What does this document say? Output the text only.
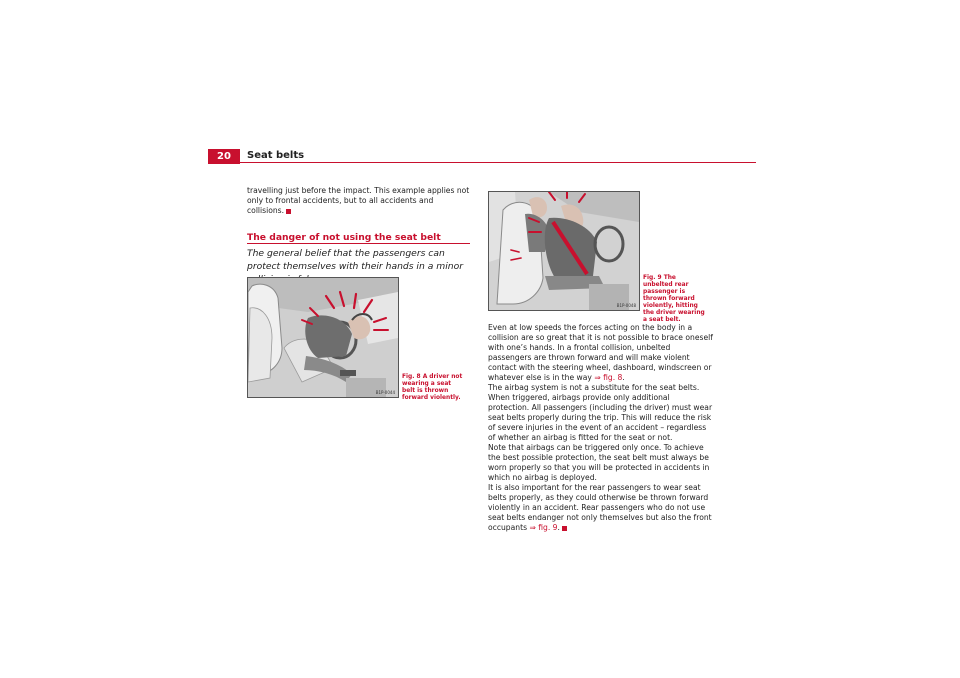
20	Seat belts
travelling just before the impact. This example applies not only to frontal accidents, but to all accidents and collisions.
The danger of not using the seat belt
The general belief that the passengers can protect themselves with their hands in a minor
B1P-0044
Fig. 8 A driver not wearing a seat belt is thrown forward violently.
B1P-0048
Fig. 9 The unbelted rear passenger is thrown forward violently, hitting the driver wearing a seat belt.

Even at low speeds the forces acting on the body in a collision are so great that it is not possible to brace oneself with one’s hands. In a frontal collision, unbelted passengers are thrown forward and will make violent contact with the steering wheel, dashboard, windscreen or whatever else is in the way ⇒ fig. 8.

The airbag system is not a substitute for the seat belts. When triggered, airbags provide only additional protection. All passengers (including the driver) must wear seat belts properly during the trip. This will reduce the risk of severe injuries in the event of an accident – regardless of whether an airbag is fitted for the seat or not.

Note that airbags can be triggered only once. To achieve the best possible protection, the seat belt must always be worn properly so that you will be protected in accidents in which no airbag is deployed.

It is also important for the rear passengers to wear seat belts properly, as they could otherwise be thrown forward violently in an accident. Rear passengers who do not use seat belts endanger not only themselves but also the front occupants ⇒ fig. 9.
